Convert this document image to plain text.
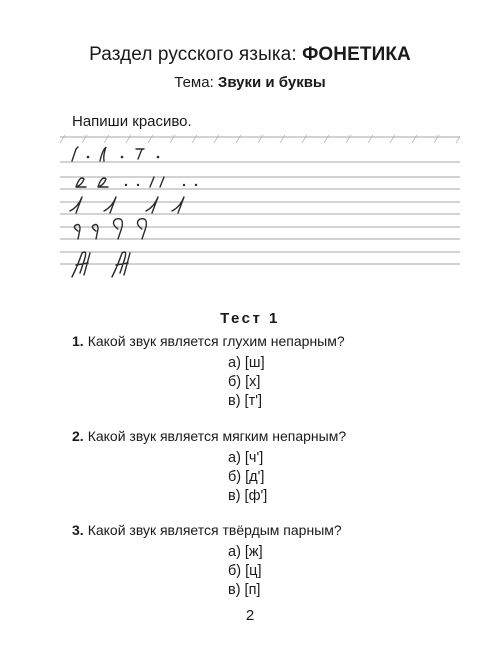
Раздел русского языка: ФОНЕТИКА
Тема: Звуки и буквы
Напиши красиво.
Тест 1
1. Какой звук является глухим непарным?
а) [ш]
б) [х]
в) [т']
2. Какой звук является мягким непарным?
а) [ч']
б) [д']
в) [ф']
3. Какой звук является твёрдым парным?
а) [ж]
б) [ц]
в) [п]
2
